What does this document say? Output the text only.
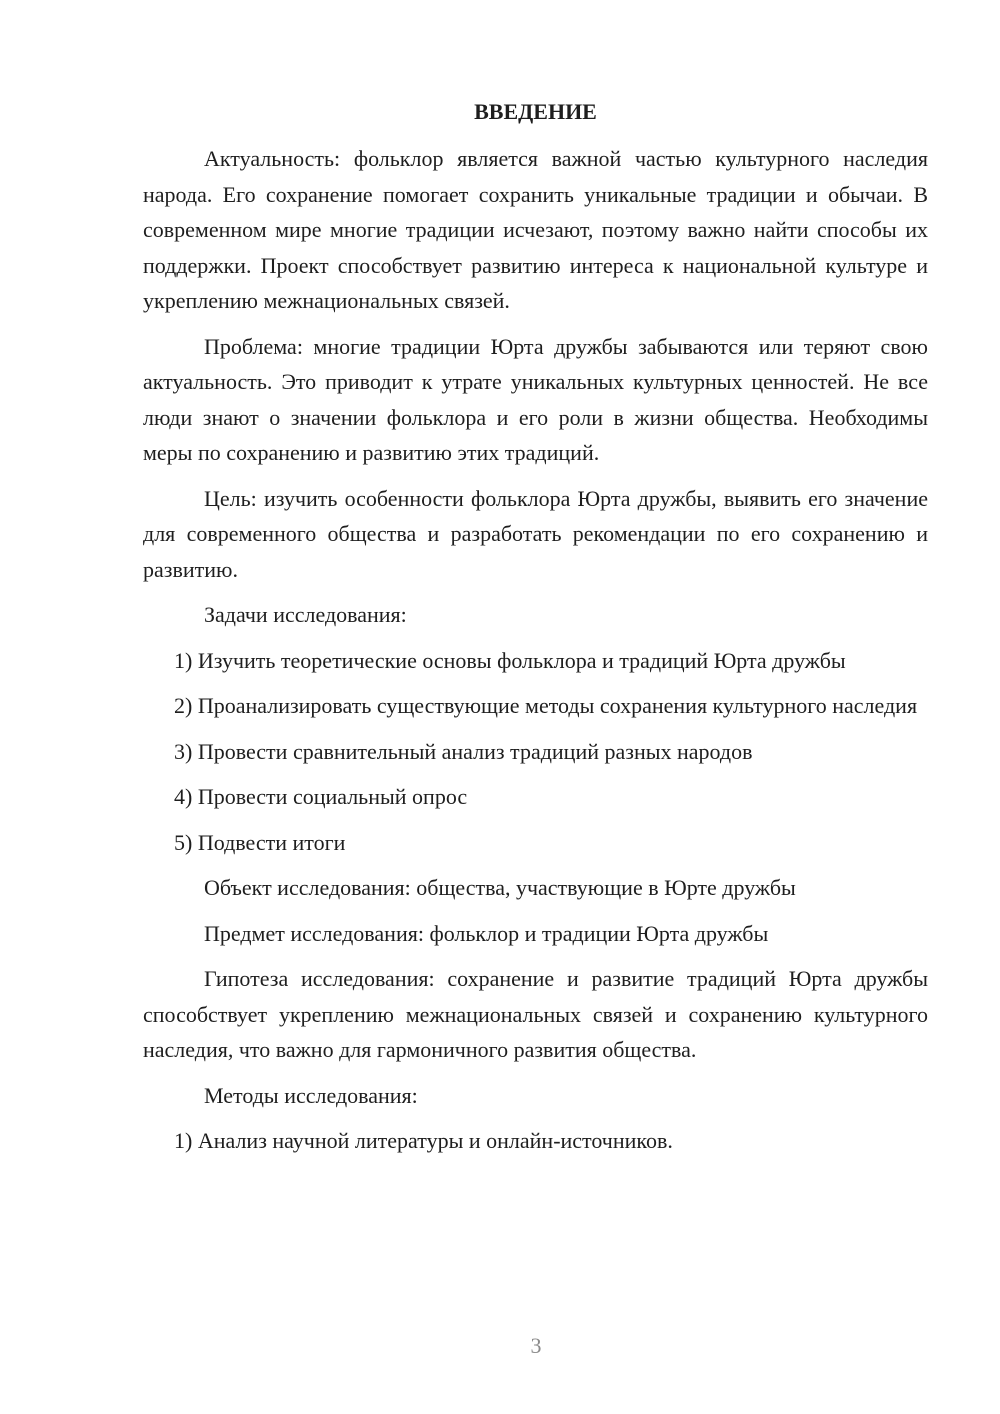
ВВЕДЕНИЕ

Актуальность: фольклор является важной частью культурного наследия народа. Его сохранение помогает сохранить уникальные традиции и обычаи. В современном мире многие традиции исчезают, поэтому важно найти способы их поддержки. Проект способствует развитию интереса к национальной культуре и укреплению межнациональных связей.

Проблема: многие традиции Юрта дружбы забываются или теряют свою актуальность. Это приводит к утрате уникальных культурных ценностей. Не все люди знают о значении фольклора и его роли в жизни общества. Необходимы меры по сохранению и развитию этих традиций.

Цель: изучить особенности фольклора Юрта дружбы, выявить его значение для современного общества и разработать рекомендации по его сохранению и развитию.

Задачи исследования:

1) Изучить теоретические основы фольклора и традиций Юрта дружбы

2) Проанализировать существующие методы сохранения культурного наследия

3) Провести сравнительный анализ традиций разных народов

4) Провести социальный опрос

5) Подвести итоги

Объект исследования: общества, участвующие в Юрте дружбы

Предмет исследования: фольклор и традиции Юрта дружбы

Гипотеза исследования: сохранение и развитие традиций Юрта дружбы способствует укреплению межнациональных связей и сохранению культурного наследия, что важно для гармоничного развития общества.

Методы исследования:

1) Анализ научной литературы и онлайн-источников.

3
